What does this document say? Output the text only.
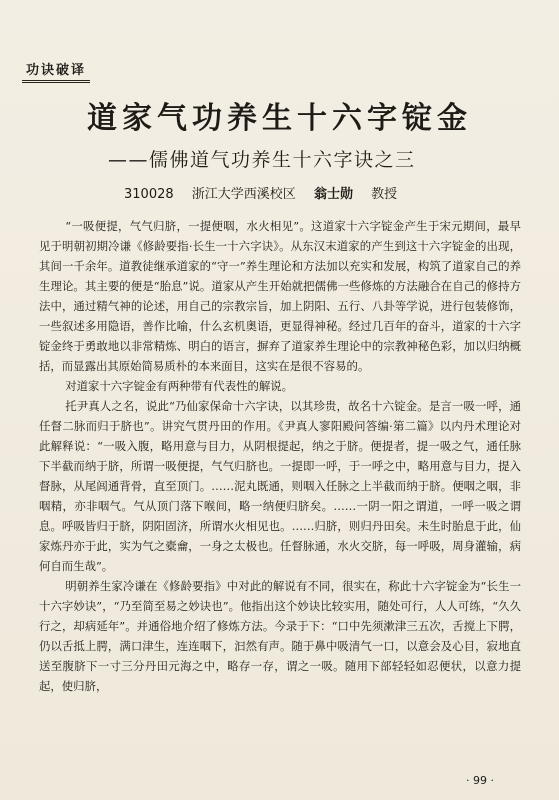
功诀破译
道家气功养生十六字锭金
——儒佛道气功养生十六字诀之三
310028 浙江大学西溪校区 翁士勋 教授

“一吸便提，气气归脐，一提便咽，水火相见”。这道家十六字锭金产生于宋元期间，最早见于明朝初期冷谦《修龄要指·长生一十六字诀》。从东汉末道家的产生到这十六字锭金的出现，其间一千余年。道教徒继承道家的“守一”养生理论和方法加以充实和发展，构筑了道家自己的养生理论。其主要的便是“胎息”说。道家从产生开始就把儒佛一些修炼的方法融合在自己的修持方法中，通过精气神的论述，用自己的宗教宗旨，加上阴阳、五行、八卦等学说，进行包装修饰，一些叙述多用隐语，善作比喻，什么玄机奥语，更显得神秘。经过几百年的奋斗，道家的十六字锭金终于勇敢地以非常精炼、明白的语言，摒弃了道家养生理论中的宗教神秘色彩，加以归纳概括，而显露出其原始简易质朴的本来面目，这实在是很不容易的。

对道家十六字锭金有两种带有代表性的解说。

托尹真人之名，说此“乃仙家保命十六字诀，以其珍贵，故名十六锭金。是言一吸一呼，通任督二脉而归于脐也”。讲究气贯丹田的作用。《尹真人寥阳殿问答编·第二篇》以内丹术理论对此解释说：“一吸入腹，略用意与目力，从阴根提起，纳之于脐。便提者，提一吸之气，通任脉下半截而纳于脐，所谓一吸便提，气气归脐也。一提即一呼，于一呼之中，略用意与目力，提入督脉，从尾闾通背骨，直至顶门。……泥丸既通，则咽入任脉之上半截而纳于脐。便咽之咽，非咽精，亦非咽气。气从顶门落下喉间，略一纳便归脐矣。……一阴一阳之谓道，一呼一吸之谓息。呼吸皆归于脐，阴阳固济，所谓水火相见也。……归脐，则归丹田矣。未生时胎息于此，仙家炼丹亦于此，实为气之橐龠，一身之太极也。任督脉通，水火交脐，每一呼吸，周身灌输，病何自而生哉”。

明朝养生家冷谦在《修龄要指》中对此的解说有不同，很实在，称此十六字锭金为“长生一十六字妙诀”，“乃至简至易之妙诀也”。他指出这个妙诀比较实用，随处可行，人人可练，“久久行之，却病延年”。并通俗地介绍了修炼方法。今录于下：“口中先须漱津三五次，舌搅上下腭，仍以舌抵上腭，满口津生，连连咽下，汩然有声。随于鼻中吸清气一口，以意会及心目，寂地直送至腹脐下一寸三分丹田元海之中，略存一存，谓之一吸。随用下部轻轻如忍便状，以意力提起，使归脐，

· 99 ·
